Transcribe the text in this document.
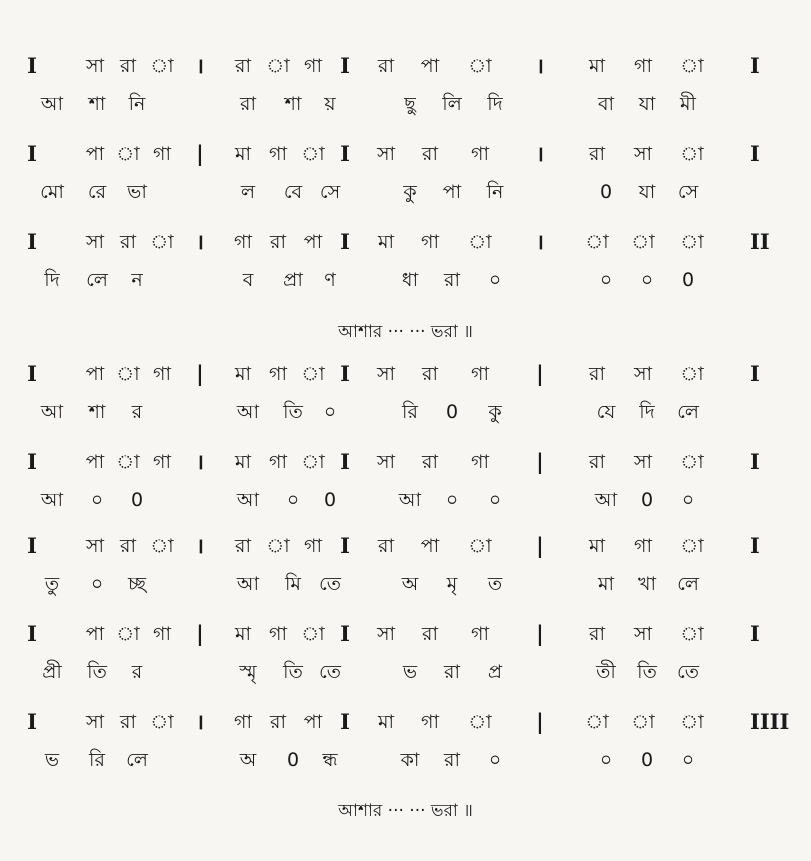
I	সা রা া । রা া গা I রা পা া । মা গা া I
আ শা নি	রা শা য়	ছু লি দি	বা যা মী
I	পা া গা | মা গা া I সা রা গা । রা সা া I
মো রে ভা	ল বে সে	কু পা নি	0 যা সে
I	সা রা া । গা রা পা I মা গা া । া া া II
দি লে ন	ব প্রা ণ	ধা রা ০	০ ০ 0
আশার ··· ··· ভরা ॥
I	পা া গা | মা গা া I সা রা গা | রা সা া I
আ শা র	আ তি ০	রি 0 কু	যে দি লে
I	পা া গা । মা গা া I সা রা গা | রা সা া I
আ ০ 0	আ ০ 0	আ ০ ০	আ 0 ০
I	সা রা া । রা া গা I রা পা া | মা গা া I
তু ০ চ্ছ	আ মি তে	অ মৃ ত	মা খা লে
I	পা া গা | মা গা া I সা রা গা | রা সা া I
প্রী তি র	স্মৃ তি তে	ভ রা প্র	তী তি তে
I	সা রা া । গা রা পা I মা গা া | া া া IIII
ভ রি লে	অ 0 ন্ধ	কা রা ০	০ 0 ০
আশার ··· ··· ভরা ॥
